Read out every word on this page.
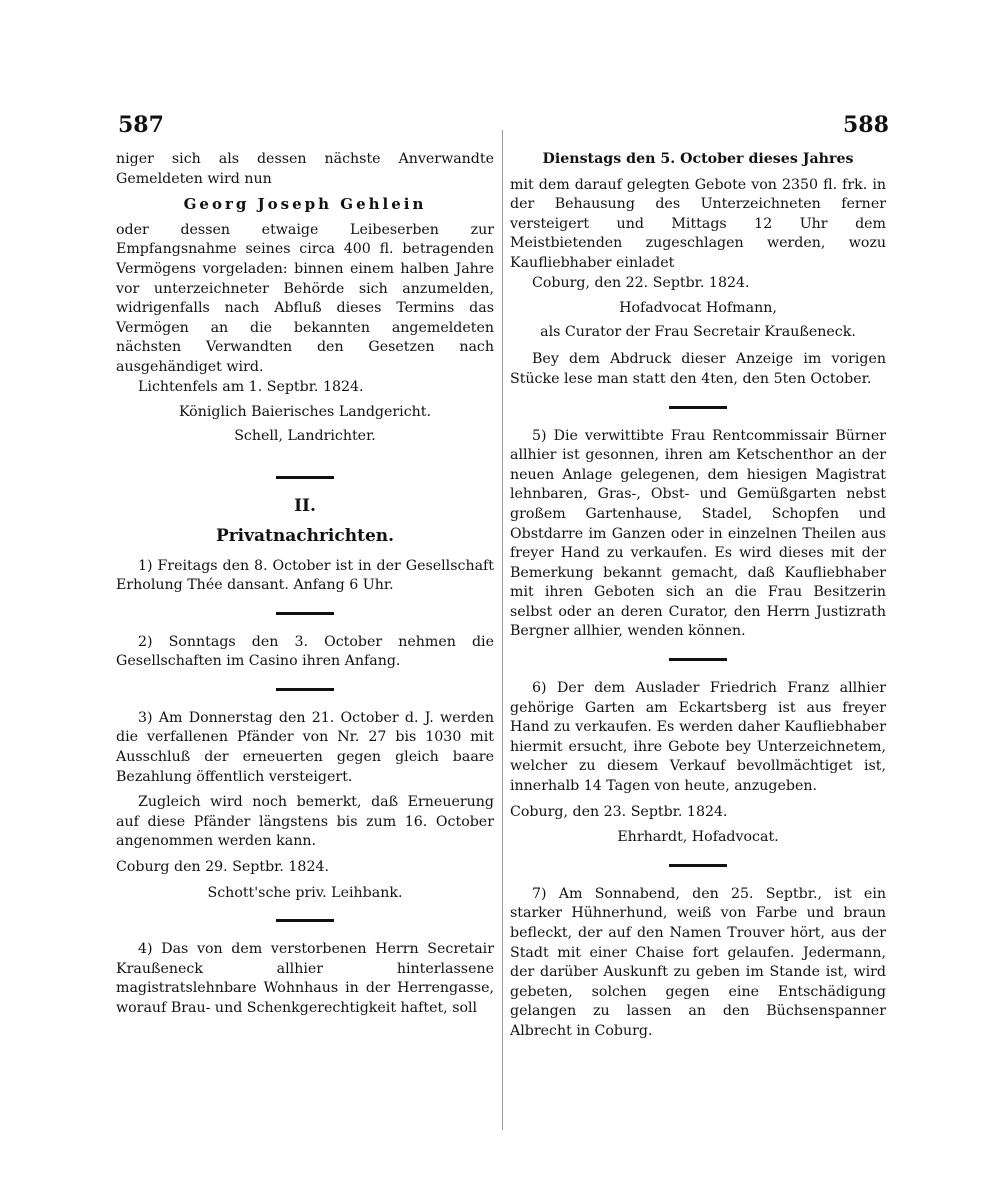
587	588

niger sich als dessen nächste Anverwandte Gemeldeten wird nun

Georg Joseph Gehlein

oder dessen etwaige Leibeserben zur Empfangsnahme seines circa 400 fl. betragenden Vermögens vorgeladen: binnen einem halben Jahre vor unterzeichneter Behörde sich anzumelden, widrigenfalls nach Abfluß dieses Termins das Vermögen an die bekannten angemeldeten nächsten Verwandten den Gesetzen nach ausgehändiget wird.

Lichtenfels am 1. Septbr. 1824.

Königlich Baierisches Landgericht.

Schell, Landrichter.

II.

Privatnachrichten.

1) Freitags den 8. October ist in der Gesellschaft Erholung Thée dansant. Anfang 6 Uhr.

2) Sonntags den 3. October nehmen die Gesellschaften im Casino ihren Anfang.

3) Am Donnerstag den 21. October d. J. werden die verfallenen Pfänder von Nr. 27 bis 1030 mit Ausschluß der erneuerten gegen gleich baare Bezahlung öffentlich versteigert.

Zugleich wird noch bemerkt, daß Erneuerung auf diese Pfänder längstens bis zum 16. October angenommen werden kann.

Coburg den 29. Septbr. 1824.

Schott'sche priv. Leihbank.

4) Das von dem verstorbenen Herrn Secretair Kraußeneck allhier hinterlassene magistratslehnbare Wohnhaus in der Herrengasse, worauf Brau- und Schenkgerechtigkeit haftet, soll

Dienstags den 5. October dieses Jahres

mit dem darauf gelegten Gebote von 2350 fl. frk. in der Behausung des Unterzeichneten ferner versteigert und Mittags 12 Uhr dem Meistbietenden zugeschlagen werden, wozu Kaufliebhaber einladet

Coburg, den 22. Septbr. 1824.

Hofadvocat Hofmann,

als Curator der Frau Secretair Kraußeneck.

Bey dem Abdruck dieser Anzeige im vorigen Stücke lese man statt den 4ten, den 5ten October.

5) Die verwittibte Frau Rentcommissair Bürner allhier ist gesonnen, ihren am Ketschenthor an der neuen Anlage gelegenen, dem hiesigen Magistrat lehnbaren, Gras-, Obst- und Gemüßgarten nebst großem Gartenhause, Stadel, Schopfen und Obstdarre im Ganzen oder in einzelnen Theilen aus freyer Hand zu verkaufen. Es wird dieses mit der Bemerkung bekannt gemacht, daß Kaufliebhaber mit ihren Geboten sich an die Frau Besitzerin selbst oder an deren Curator, den Herrn Justizrath Bergner allhier, wenden können.

6) Der dem Auslader Friedrich Franz allhier gehörige Garten am Eckartsberg ist aus freyer Hand zu verkaufen. Es werden daher Kaufliebhaber hiermit ersucht, ihre Gebote bey Unterzeichnetem, welcher zu diesem Verkauf bevollmächtiget ist, innerhalb 14 Tagen von heute, anzugeben.

Coburg, den 23. Septbr. 1824.

Ehrhardt, Hofadvocat.

7) Am Sonnabend, den 25. Septbr., ist ein starker Hühnerhund, weiß von Farbe und braun befleckt, der auf den Namen Trouver hört, aus der Stadt mit einer Chaise fort gelaufen. Jedermann, der darüber Auskunft zu geben im Stande ist, wird gebeten, solchen gegen eine Entschädigung gelangen zu lassen an den Büchsenspanner Albrecht in Coburg.
